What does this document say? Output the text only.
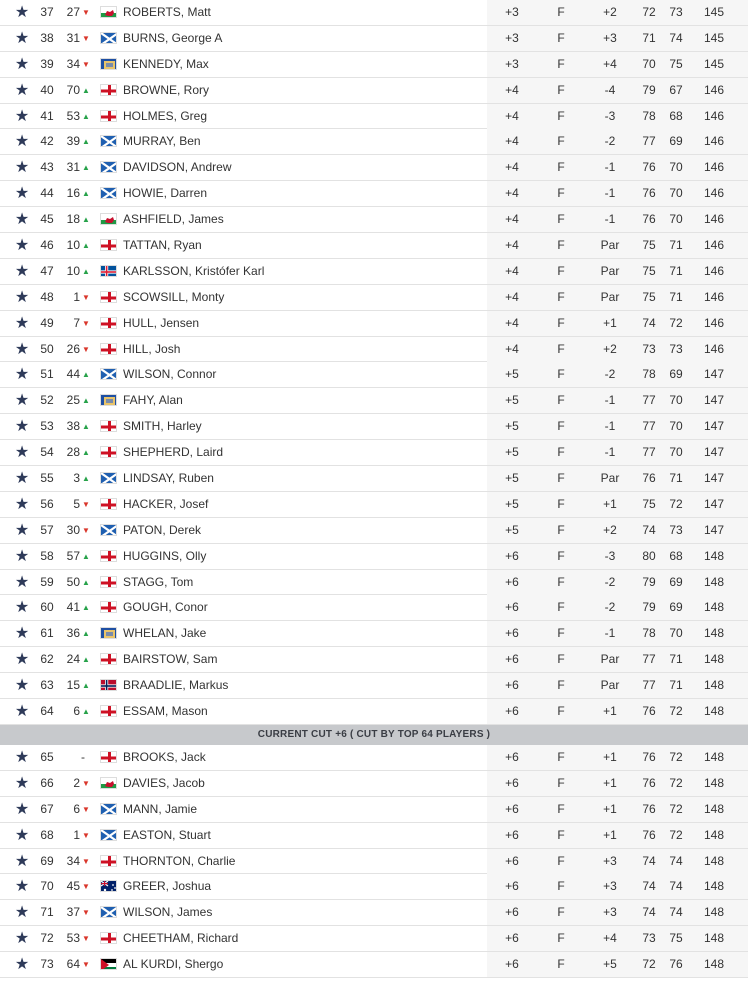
★ 37	27 ▼	ROBERTS, Matt	+3	F	+2	72	73	145
★ 38	31 ▼	BURNS, George A	+3	F	+3	71	74	145
★ 39	34 ▼	KENNEDY, Max	+3	F	+4	70	75	145
★ 40	70 ▲	BROWNE, Rory	+4	F	-4	79	67	146
★ 41	53 ▲	HOLMES, Greg	+4	F	-3	78	68	146
★ 42	39 ▲	MURRAY, Ben	+4	F	-2	77	69	146
★ 43	31 ▲	DAVIDSON, Andrew	+4	F	-1	76	70	146
★ 44	16 ▲	HOWIE, Darren	+4	F	-1	76	70	146
★ 45	18 ▲	ASHFIELD, James	+4	F	-1	76	70	146
★ 46	10 ▲	TATTAN, Ryan	+4	F	Par	75	71	146
★ 47	10 ▲	KARLSSON, Kristófer Karl	+4	F	Par	75	71	146
★ 48	1 ▼	SCOWSILL, Monty	+4	F	Par	75	71	146
★ 49	7 ▼	HULL, Jensen	+4	F	+1	74	72	146
★ 50	26 ▼	HILL, Josh	+4	F	+2	73	73	146
★ 51	44 ▲	WILSON, Connor	+5	F	-2	78	69	147
★ 52	25 ▲	FAHY, Alan	+5	F	-1	77	70	147
★ 53	38 ▲	SMITH, Harley	+5	F	-1	77	70	147
★ 54	28 ▲	SHEPHERD, Laird	+5	F	-1	77	70	147
★ 55	3 ▲	LINDSAY, Ruben	+5	F	Par	76	71	147
★ 56	5 ▼	HACKER, Josef	+5	F	+1	75	72	147
★ 57	30 ▼	PATON, Derek	+5	F	+2	74	73	147
★ 58	57 ▲	HUGGINS, Olly	+6	F	-3	80	68	148
★ 59	50 ▲	STAGG, Tom	+6	F	-2	79	69	148
★ 60	41 ▲	GOUGH, Conor	+6	F	-2	79	69	148
★ 61	36 ▲	WHELAN, Jake	+6	F	-1	78	70	148
★ 62	24 ▲	BAIRSTOW, Sam	+6	F	Par	77	71	148
★ 63	15 ▲	BRAADLIE, Markus	+6	F	Par	77	71	148
★ 64	6 ▲	ESSAM, Mason	+6	F	+1	76	72	148
CURRENT CUT +6 ( CUT BY TOP 64 PLAYERS )
★ 65	-	BROOKS, Jack	+6	F	+1	76	72	148
★ 66	2 ▼	DAVIES, Jacob	+6	F	+1	76	72	148
★ 67	6 ▼	MANN, Jamie	+6	F	+1	76	72	148
★ 68	1 ▼	EASTON, Stuart	+6	F	+1	76	72	148
★ 69	34 ▼	THORNTON, Charlie	+6	F	+3	74	74	148
★ 70	45 ▼	GREER, Joshua	+6	F	+3	74	74	148
★ 71	37 ▼	WILSON, James	+6	F	+3	74	74	148
★ 72	53 ▼	CHEETHAM, Richard	+6	F	+4	73	75	148
★ 73	64 ▼	AL KURDI, Shergo	+6	F	+5	72	76	148
